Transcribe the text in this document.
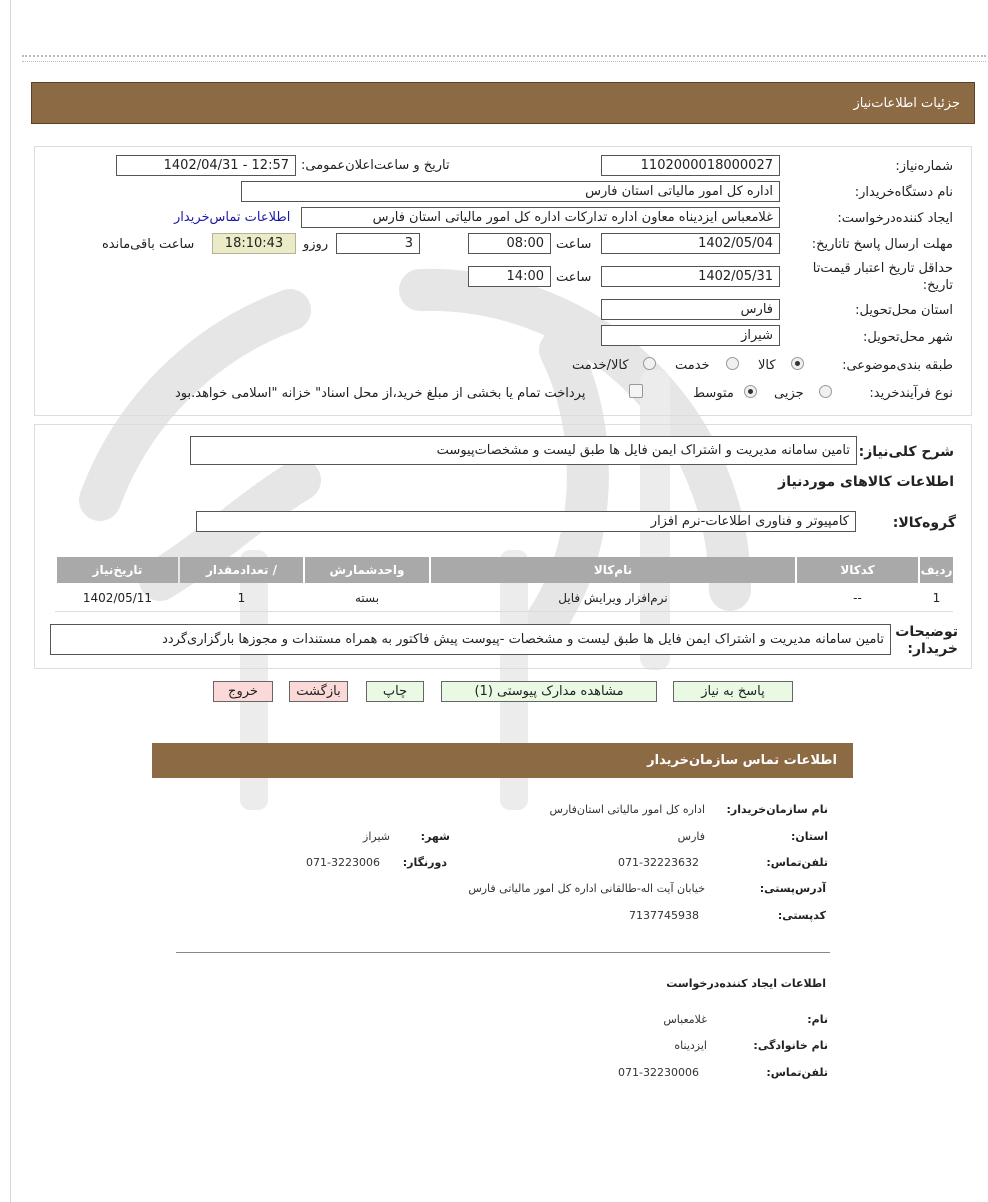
جزئیات اطلاعات‌نیاز
شماره‌نیاز:
1102000018000027
تاریخ و ساعت‌اعلان‌عمومی:
1402/04/31 - 12:57
نام دستگاه‌خریدار:
اداره کل امور مالیاتی استان فارس
ایجاد کننده‌درخواست:
غلامعباس ایزدیناه معاون اداره تدارکات اداره کل امور مالیاتی استان فارس
اطلاعات تماس‌خریدار
مهلت ارسال پاسخ تا‌تاریخ:
1402/05/04
ساعت
08:00
3
روزو
18:10:43
ساعت باقی‌مانده
حداقل تاریخ اعتبار قیمت‌تا تاریخ:
1402/05/31
ساعت
14:00
استان محل‌تحویل:
فارس
شهر محل‌تحویل:
شیراز
طبقه بندی‌موضوعی:
کالا
خدمت
کالا/خدمت
نوع فرآیند‌خرید:
جزیی
متوسط
پرداخت تمام یا بخشی از مبلغ خرید،از محل اسناد" خزانه "اسلامی خواهد.بود
شرح کلی‌نیاز:
تامین سامانه مدیریت و اشتراک ایمن فایل ها طبق لیست و مشخصات‌پیوست
اطلاعات کالاهای موردنیاز
گروه‌کالا:
کامپیوتر و فناوری اطلاعات-نرم افزار
ردیف
کدکالا
نام‌کالا
واحدشمارش
تعدادمقدار /
تاریخ‌نیاز
1
--
نرم‌افزار ویرایش فایل
بسته
1
1402/05/11
توضیحات خریدار:
تامین سامانه مدیریت و اشتراک ایمن فایل ها طبق لیست و مشخصات -پیوست پیش فاکتور به همراه مستندات و مجوزها بارگزاری‌گردد
پاسخ به نیاز
مشاهده مدارک پیوستی (1)
چاپ
بازگشت
خروج
اطلاعات تماس سازمان‌خریدار
نام سازمان‌خریدار:
اداره کل امور مالیاتی استان‌فارس
استان:
فارس
شهر:
شیراز
تلفن‌تماس:
071-32223632
دورنگار:
071-3223006
آدرس‌پستی:
خیابان آیت اله-طالقانی اداره کل امور مالیاتی فارس
کد‌پستی:
7137745938
اطلاعات ایجاد کننده‌درخواست
نام:
غلامعباس
نام خانوادگی:
ایزدیناه
تلفن‌تماس:
071-32230006
